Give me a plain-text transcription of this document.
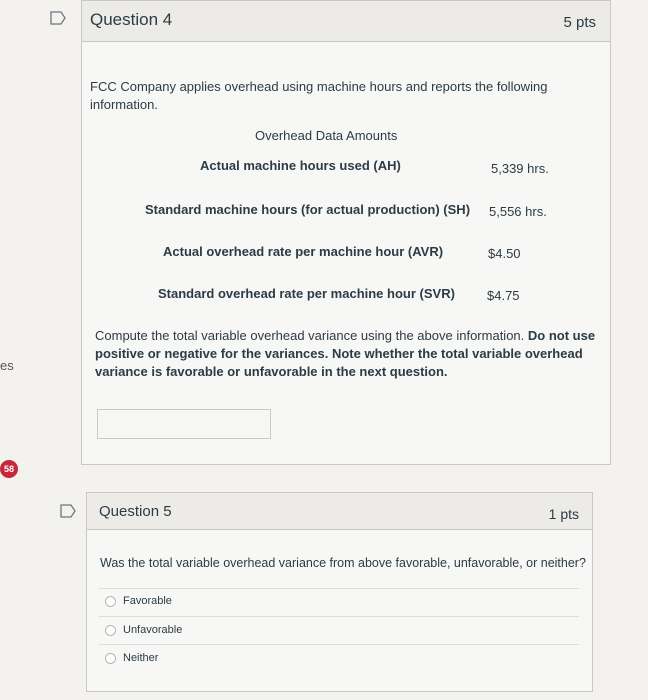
es
58
Question 4	5 pts
FCC Company applies overhead using machine hours and reports the following
information.
Overhead Data Amounts
Actual machine hours used (AH)	5,339 hrs.
Standard machine hours (for actual production) (SH) 5,556 hrs.
Actual overhead rate per machine hour (AVR)	$4.50
Standard overhead rate per machine hour (SVR) $4.75
Compute the total variable overhead variance using the above information. Do not use
positive or negative for the variances. Note whether the total variable overhead
variance is favorable or unfavorable in the next question.
Question 5	1 pts
Was the total variable overhead variance from above favorable, unfavorable, or neither?
Favorable
Unfavorable
Neither
